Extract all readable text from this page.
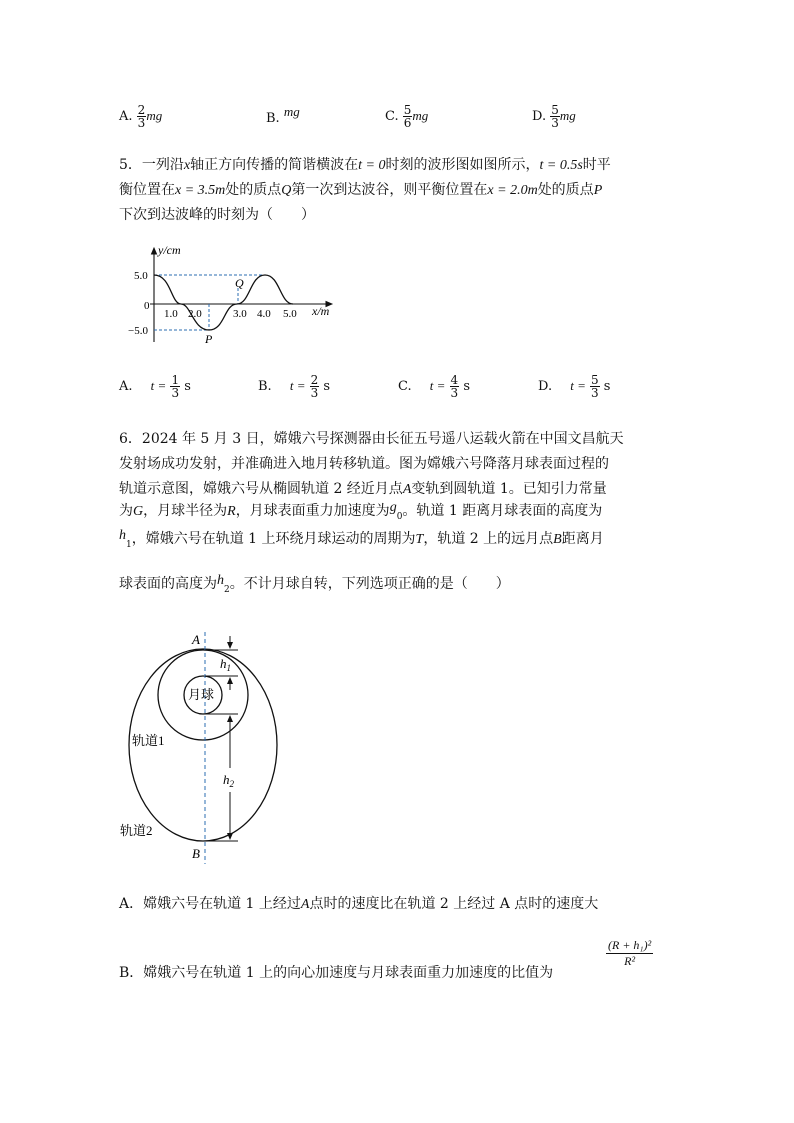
A. $\frac{2}{3}$ mg	B. mg	C. $\frac{5}{6}$ mg	D. $\frac{5}{3}$ mg
5．一列沿x轴正方向传播的简谐横波在t = 0时刻的波形图如图所示，t = 0.5s时平
衡位置在x = 3.5m处的质点Q第一次到达波谷，则平衡位置在x = 2.0m处的质点P
下次到达波峰的时刻为（　　）
y/cm
x/m
5.0
0
−5.0
1.0 2.0	3.0 4.0 5.0
Q
P
A. $t = \frac{1}{3}$ s	B. $t = \frac{2}{3}$ s	C. $t = \frac{4}{3}$ s	D. $t = \frac{5}{3}$ s
6．2024 年 5 月 3 日，嫦娥六号探测器由长征五号遥八运载火箭在中国文昌航天
发射场成功发射，并准确进入地月转移轨道。图为嫦娥六号降落月球表面过程的
轨道示意图，嫦娥六号从椭圆轨道 2 经近月点A变轨到圆轨道 1。已知引力常量
为G，月球半径为R，月球表面重力加速度为$g_0$。轨道 1 距离月球表面的高度为
$h_1$，嫦娥六号在轨道 1 上环绕月球运动的周期为T，轨道 2 上的远月点B距离月
球表面的高度为$h_2$。不计月球自转，下列选项正确的是（　　）
A
B
$h_1$
$h_2$
月球
轨道1
轨道2
A．嫦娥六号在轨道 1 上经过A点时的速度比在轨道 2 上经过 A 点时的速度大
B．嫦娥六号在轨道 1 上的向心加速度与月球表面重力加速度的比值为
$\frac{\text{(R + h₁)²}}{\text{R²}}$
